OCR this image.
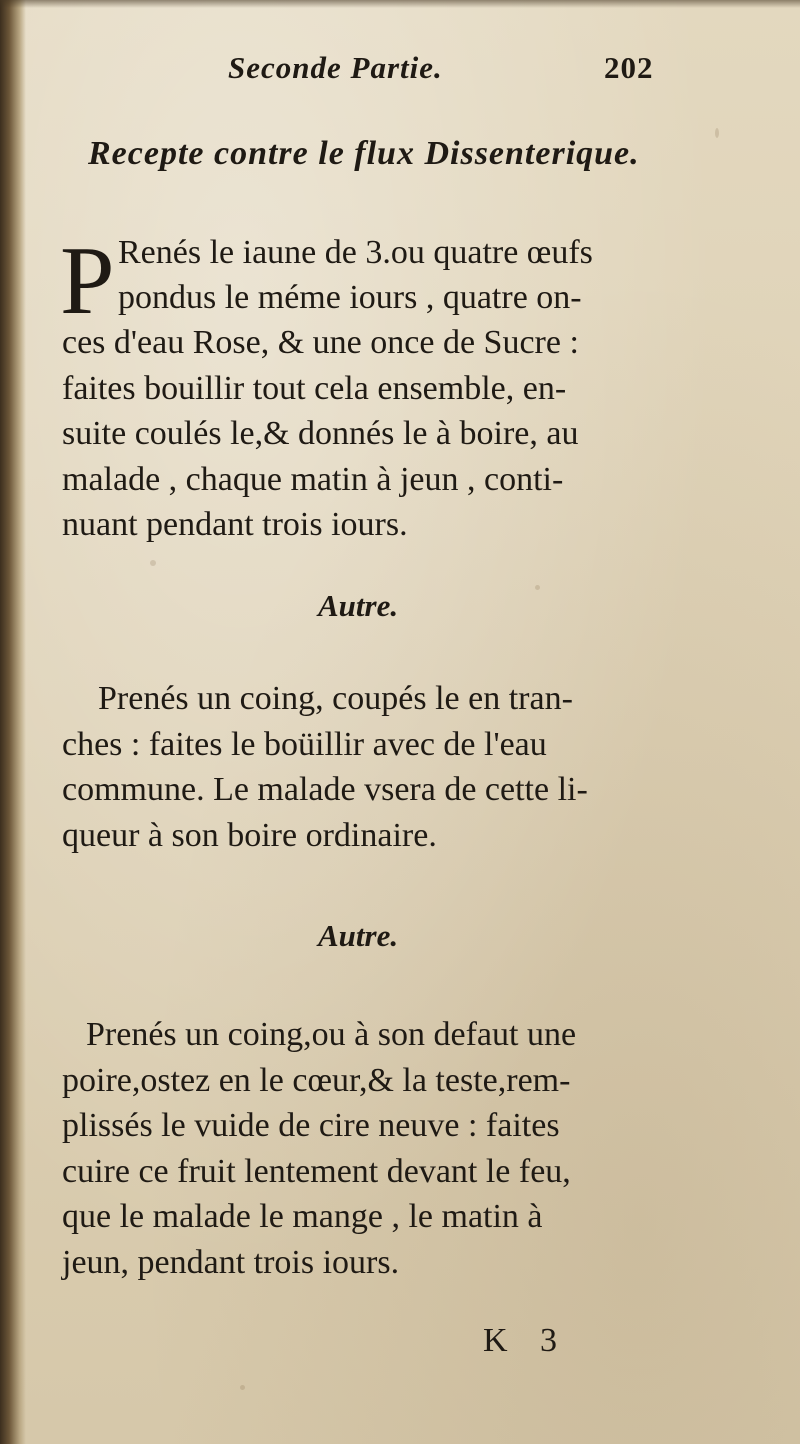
Seconde Partie.	202
Recepte contre le flux Dissenterique.
P Renés le iaune de 3.ou quatre œufs
pondus le méme iours , quatre on-
ces d'eau Rose, & une once de Sucre :
faites bouillir tout cela ensemble, en-
suite coulés le,& donnés le à boire, au
malade , chaque matin à jeun , conti-
nuant pendant trois iours.
Autre.
Prenés un coing, coupés le en tran-
ches : faites le boüillir avec de l'eau
commune. Le malade vsera de cette li-
queur à son boire ordinaire.
Autre.
Prenés un coing,ou à son defaut une
poire,ostez en le cœur,& la teste,rem-
plissés le vuide de cire neuve : faites
cuire ce fruit lentement devant le feu,
que le malade le mange , le matin à
jeun, pendant trois iours.
K 3
